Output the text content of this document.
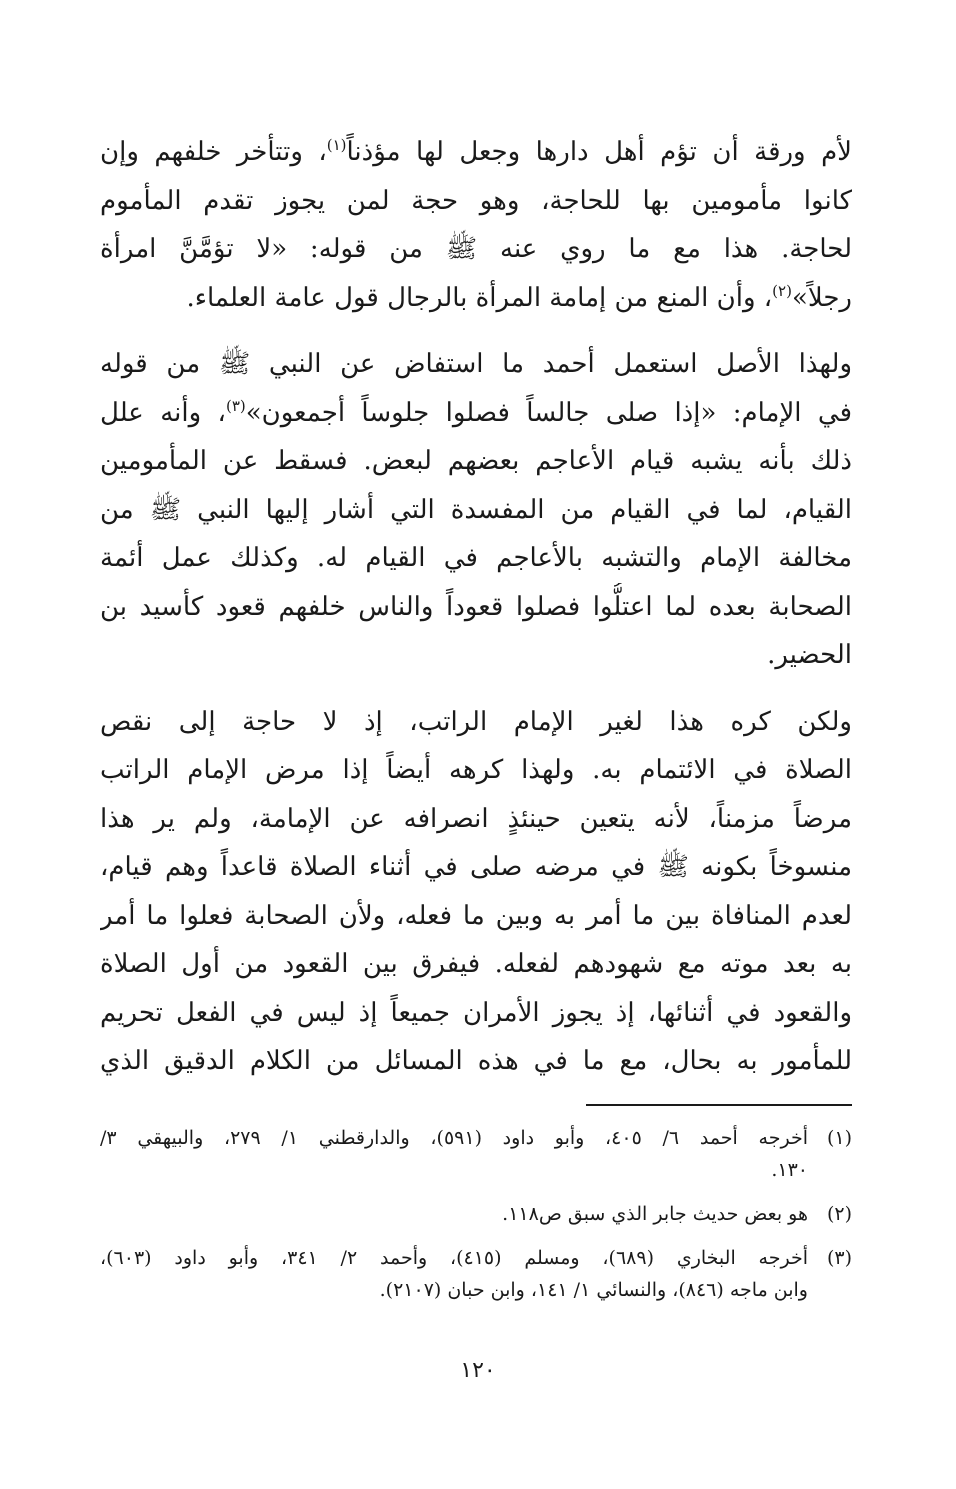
لأم ورقة أن تؤم أهل دارها وجعل لها مؤذناً$^{(١)}$، وتتأخر خلفهم وإن
كانوا مأمومين بها للحاجة، وهو حجة لمن يجوز تقدم المأموم
لحاجة. هذا مع ما روي عنه ﷺ من قوله: «لا تؤمَّنَّ امرأة
رجلاً»$^{(٢)}$، وأن المنع من إمامة المرأة بالرجال قول عامة العلماء.
ولهذا الأصل استعمل أحمد ما استفاض عن النبي ﷺ من قوله
في الإمام: «إذا صلى جالساً فصلوا جلوساً أجمعون»$^{(٣)}$، وأنه علل
ذلك بأنه يشبه قيام الأعاجم بعضهم لبعض. فسقط عن المأمومين
القيام، لما في القيام من المفسدة التي أشار إليها النبي ﷺ من
مخالفة الإمام والتشبه بالأعاجم في القيام له. وكذلك عمل أئمة
الصحابة بعده لما اعتلُّوا فصلوا قعوداً والناس خلفهم قعود كأسيد بن
الحضير.
ولكن كره هذا لغير الإمام الراتب، إذ لا حاجة إلى نقص
الصلاة في الائتمام به. ولهذا كرهه أيضاً إذا مرض الإمام الراتب
مرضاً مزمناً، لأنه يتعين حينئذٍ انصرافه عن الإمامة، ولم ير هذا
منسوخاً بكونه ﷺ في مرضه صلى في أثناء الصلاة قاعداً وهم قيام،
لعدم المنافاة بين ما أمر به وبين ما فعله، ولأن الصحابة فعلوا ما أمر
به بعد موته مع شهودهم لفعله. فيفرق بين القعود من أول الصلاة
والقعود في أثنائها، إذ يجوز الأمران جميعاً إذ ليس في الفعل تحريم
للمأمور به بحال، مع ما في هذه المسائل من الكلام الدقيق الذي
(١)
أخرجه أحمد ٦/ ٤٠٥، وأبو داود (٥٩١)، والدارقطني ١/ ٢٧٩، والبيهقي ٣/
١٣٠.
(٢)
هو بعض حديث جابر الذي سبق ص١١٨.
(٣)
أخرجه البخاري (٦٨٩)، ومسلم (٤١٥)، وأحمد ٢/ ٣٤١، وأبو داود (٦٠٣)،
وابن ماجه (٨٤٦)، والنسائي ١/ ١٤١، وابن حبان (٢١٠٧).
١٢٠
